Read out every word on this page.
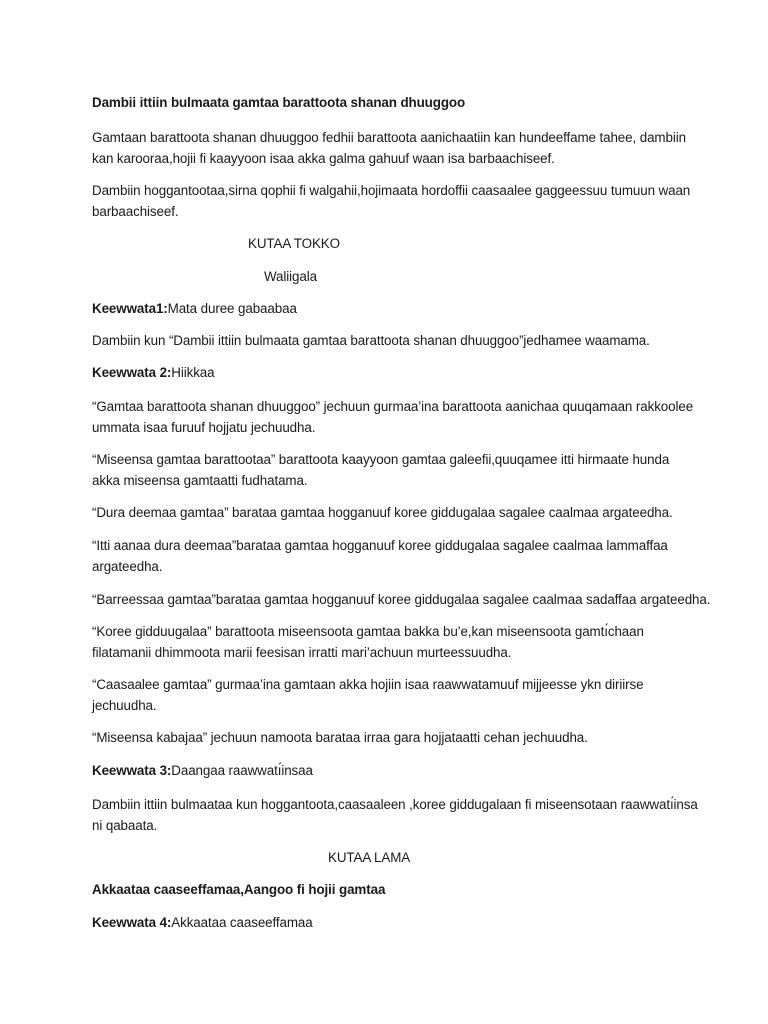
Dambii ittiin bulmaata gamtaa barattoota shanan dhuuggoo

Gamtaan barattoota shanan dhuuggoo fedhii barattoota aanichaatiin kan hundeeffame tahee, dambiin

kan karooraa,hojii fi kaayyoon isaa akka galma gahuuf waan isa barbaachiseef.

Dambiin hoggantootaa,sirna qophii fi walgahii,hojimaata hordoffii caasaalee gaggeessuu tumuun waan

barbaachiseef.

KUTAA TOKKO

Waliigala

Keewwata1:Mata duree gabaabaa

Dambiin kun “Dambii ittiin bulmaata gamtaa barattoota shanan dhuuggoo”jedhamee waamama.

Keewwata 2:Hiikkaa

“Gamtaa barattoota shanan dhuuggoo” jechuun gurmaa’ina barattoota aanichaa quuqamaan rakkoolee

ummata isaa furuuf hojjatu jechuudha.

“Miseensa gamtaa barattootaa” barattoota kaayyoon gamtaa galeefii,quuqamee itti hirmaate hunda

akka miseensa gamtaatti fudhatama.

“Dura deemaa gamtaa” barataa gamtaa hogganuuf koree giddugalaa sagalee caalmaa argateedha.

“Itti aanaa dura deemaa”barataa gamtaa hogganuuf koree giddugalaa sagalee caalmaa lammaffaa

argateedha.

“Barreessaa gamtaa”barataa gamtaa hogganuuf koree giddugalaa sagalee caalmaa sadaffaa argateedha.

“Koree gidduugalaa” barattoota miseensoota gamtaa bakka bu’e,kan miseensoota gamtı́chaan

filatamanii dhimmoota marii feesisan irratti mari’achuun murteessuudha.

“Caasaalee gamtaa” gurmaa’ina gamtaan akka hojiin isaa raawwatamuuf mijjeesse ykn diriirse

jechuudha.

“Miseensa kabajaa” jechuun namoota barataa irraa gara hojjataatti cehan jechuudha.

Keewwata 3:Daangaa raawwatı́insaa

Dambiin ittiin bulmaataa kun hoggantoota,caasaaleen ,koree giddugalaan fi miseensotaan raawwatı́insa

ni qabaata.

KUTAA LAMA

Akkaataa caaseeffamaa,Aangoo fi hojii gamtaa

Keewwata 4:Akkaataa caaseeffamaa
